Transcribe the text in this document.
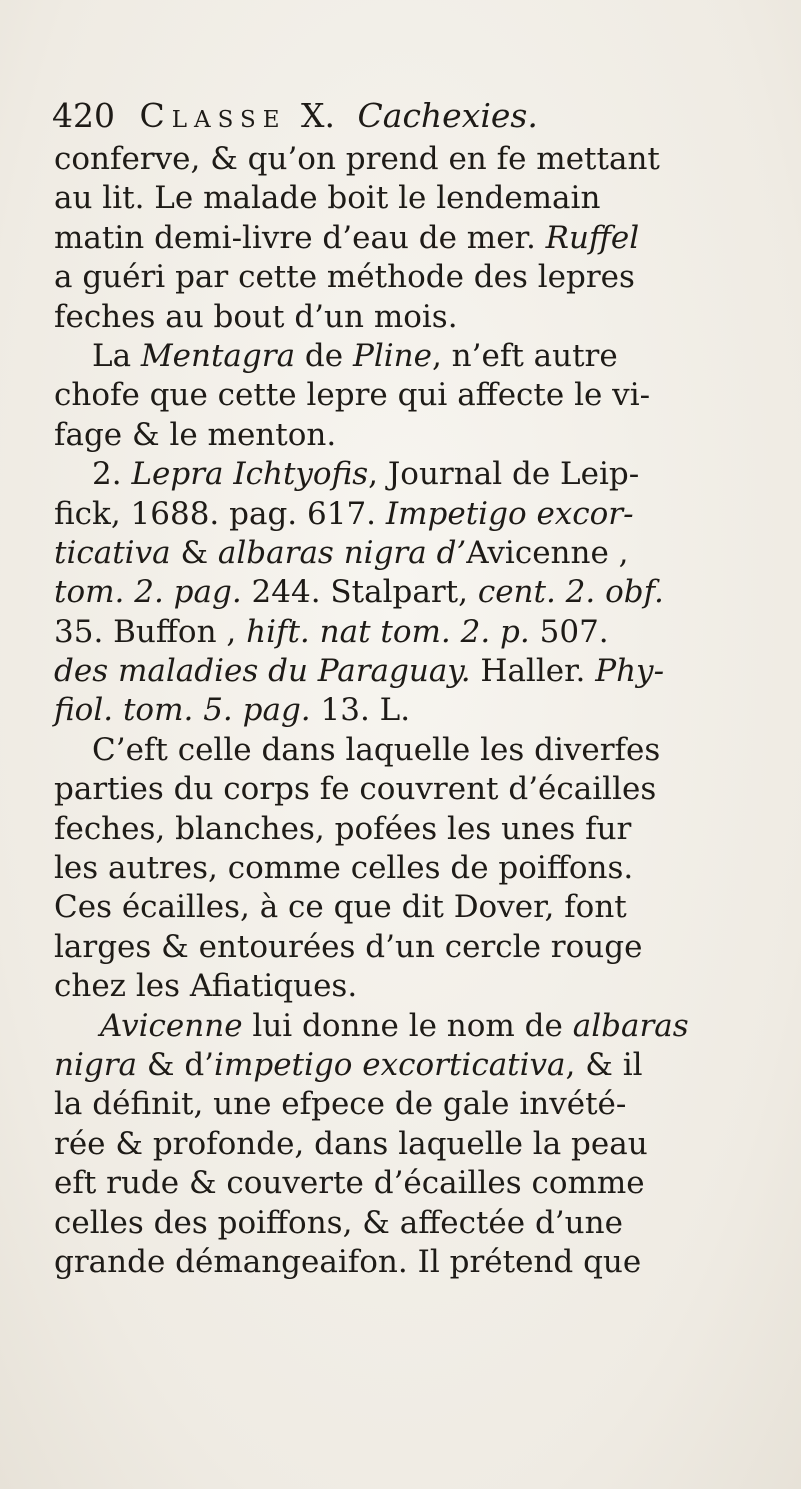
420 Classe X. Cachexies.
conferve, & qu’on prend en fe mettant
au lit. Le malade boit le lendemain
matin demi-livre d’eau de mer. Ruffel
a guéri par cette méthode des lepres
feches au bout d’un mois.
La Mentagra de Pline, n’eft autre
chofe que cette lepre qui affecte le vi-
fage & le menton.
2. Lepra Ichtyofis, Journal de Leip-
fick, 1688. pag. 617. Impetigo excor-
ticativa & albaras nigra d’Avicenne ,
tom. 2. pag. 244. Stalpart, cent. 2. obf.
35. Buffon , hift. nat tom. 2. p. 507.
des maladies du Paraguay. Haller. Phy-
fiol. tom. 5. pag. 13. L.
C’eft celle dans laquelle les diverfes
parties du corps fe couvrent d’écailles
feches, blanches, pofées les unes fur
les autres, comme celles de poiffons.
Ces écailles, à ce que dit Dover, font
larges & entourées d’un cercle rouge
chez les Afiatiques.
Avicenne lui donne le nom de albaras
nigra & d’impetigo excorticativa, & il
la définit, une efpece de gale invété-
rée & profonde, dans laquelle la peau
eft rude & couverte d’écailles comme
celles des poiffons, & affectée d’une
grande démangeaifon. Il prétend que
